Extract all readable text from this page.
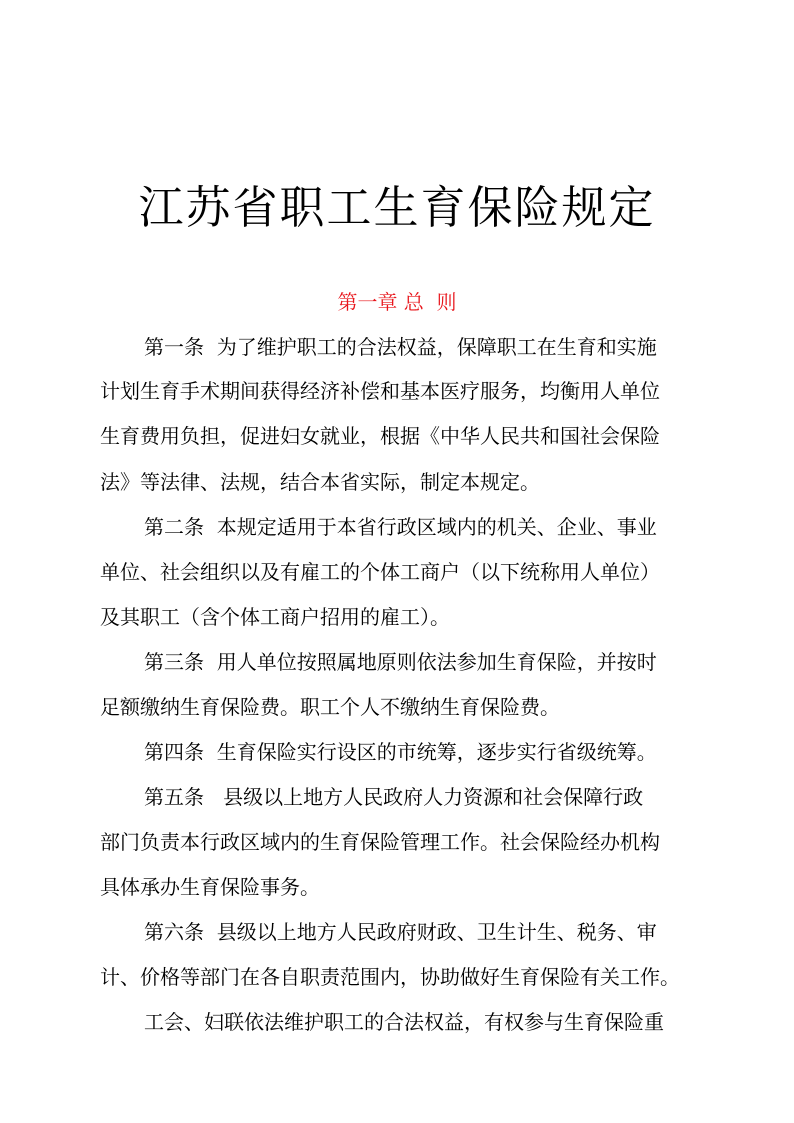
江苏省职工生育保险规定
第一章 总  则
第一条  为了维护职工的合法权益，保障职工在生育和实施
计划生育手术期间获得经济补偿和基本医疗服务，均衡用人单位
生育费用负担，促进妇女就业，根据《中华人民共和国社会保险
法》等法律、法规，结合本省实际，制定本规定。
第二条  本规定适用于本省行政区域内的机关、企业、事业
单位、社会组织以及有雇工的个体工商户（以下统称用人单位）
及其职工（含个体工商户招用的雇工）。
第三条  用人单位按照属地原则依法参加生育保险，并按时
足额缴纳生育保险费。职工个人不缴纳生育保险费。
第四条  生育保险实行设区的市统筹，逐步实行省级统筹。
第五条   县级以上地方人民政府人力资源和社会保障行政
部门负责本行政区域内的生育保险管理工作。社会保险经办机构
具体承办生育保险事务。
第六条  县级以上地方人民政府财政、卫生计生、税务、审
计、价格等部门在各自职责范围内，协助做好生育保险有关工作。
工会、妇联依法维护职工的合法权益，有权参与生育保险重
